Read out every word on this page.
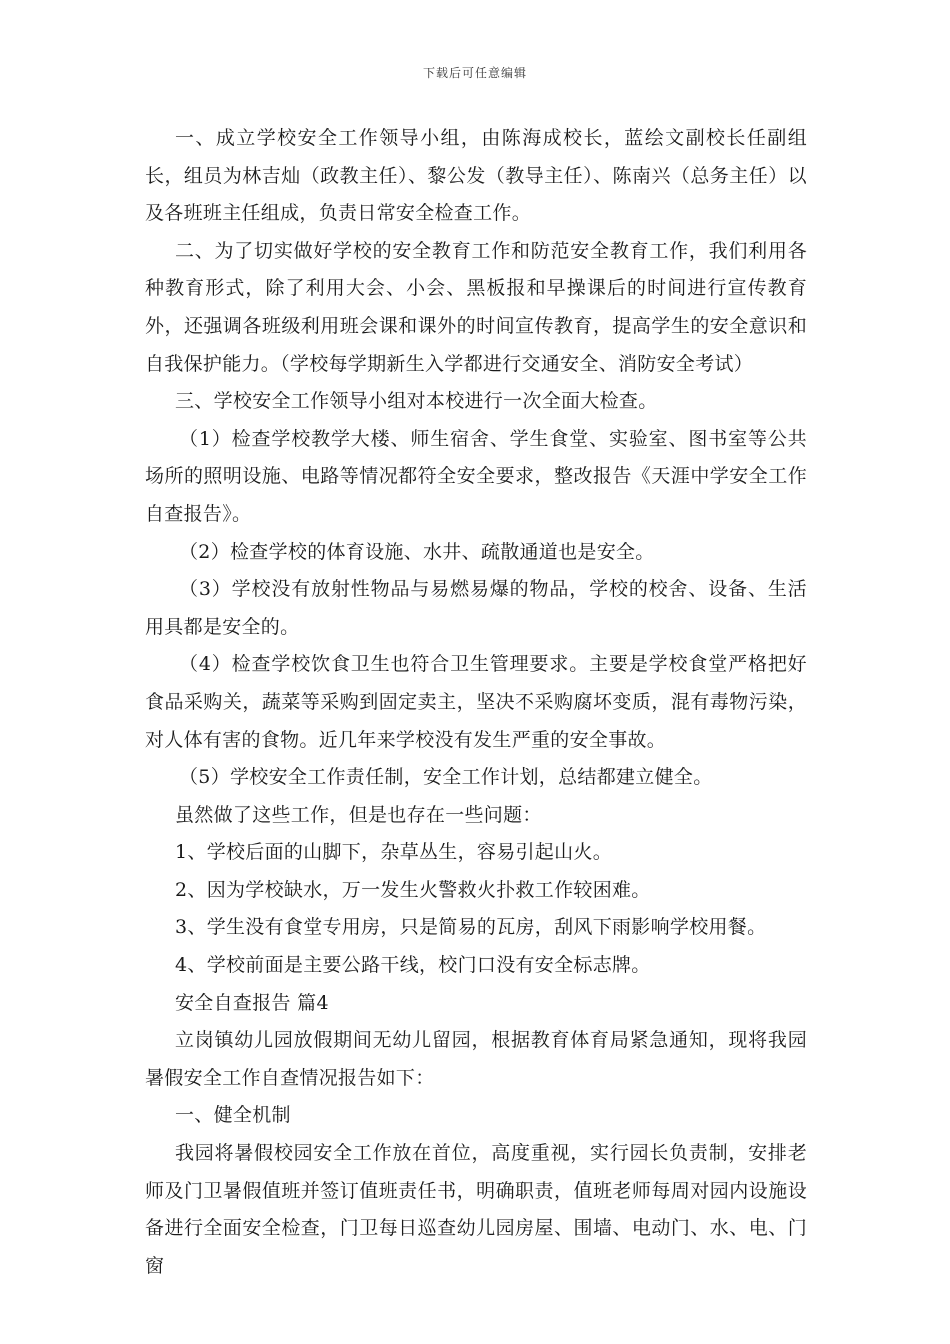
下载后可任意编辑

一、成立学校安全工作领导小组，由陈海成校长，蓝绘文副校长任副组长，组员为林吉灿（政教主任）、黎公发（教导主任）、陈南兴（总务主任）以及各班班主任组成，负责日常安全检查工作。

二、为了切实做好学校的安全教育工作和防范安全教育工作，我们利用各种教育形式，除了利用大会、小会、黑板报和早操课后的时间进行宣传教育外，还强调各班级利用班会课和课外的时间宣传教育，提高学生的安全意识和自我保护能力。（学校每学期新生入学都进行交通安全、消防安全考试）

三、学校安全工作领导小组对本校进行一次全面大检查。

（1）检查学校教学大楼、师生宿舍、学生食堂、实验室、图书室等公共场所的照明设施、电路等情况都符全安全要求，整改报告《天涯中学安全工作自查报告》。

（2）检查学校的体育设施、水井、疏散通道也是安全。

（3）学校没有放射性物品与易燃易爆的物品，学校的校舍、设备、生活用具都是安全的。

（4）检查学校饮食卫生也符合卫生管理要求。主要是学校食堂严格把好食品采购关，蔬菜等采购到固定卖主，坚决不采购腐坏变质，混有毒物污染，对人体有害的食物。近几年来学校没有发生严重的安全事故。

（5）学校安全工作责任制，安全工作计划，总结都建立健全。

虽然做了这些工作，但是也存在一些问题：

1、学校后面的山脚下，杂草丛生，容易引起山火。

2、因为学校缺水，万一发生火警救火扑救工作较困难。

3、学生没有食堂专用房，只是简易的瓦房，刮风下雨影响学校用餐。

4、学校前面是主要公路干线，校门口没有安全标志牌。

安全自查报告 篇4

立岗镇幼儿园放假期间无幼儿留园，根据教育体育局紧急通知，现将我园暑假安全工作自查情况报告如下：

一、健全机制

我园将暑假校园安全工作放在首位，高度重视，实行园长负责制，安排老师及门卫暑假值班并签订值班责任书，明确职责，值班老师每周对园内设施设备进行全面安全检查，门卫每日巡查幼儿园房屋、围墙、电动门、水、电、门窗
